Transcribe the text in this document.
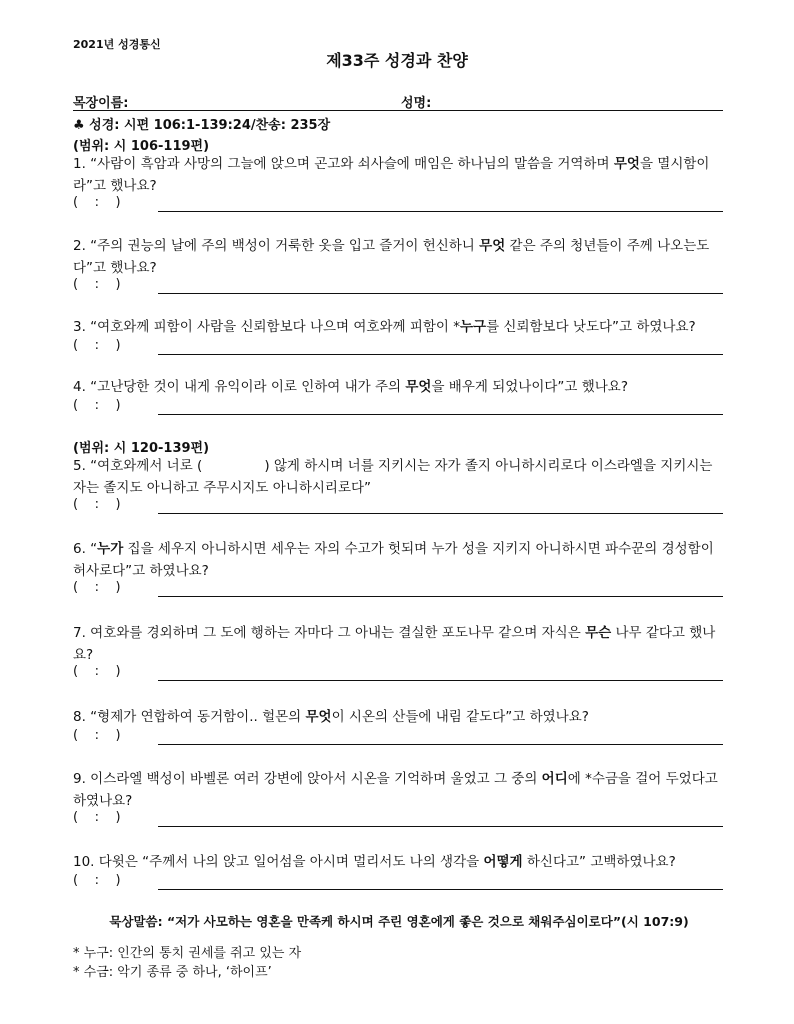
2021년 성경통신
제33주 성경과 찬양
목장이름:	성명:
♣ 성경: 시편 106:1-139:24/찬송: 235장
(범위: 시 106-119편)
1. “사람이 흑암과 사망의 그늘에 앉으며 곤고와 쇠사슬에 매임은 하나님의 말씀을 거역하며 무엇을 멸시함이라”고 했나요?
(    :    )
2. “주의 권능의 날에 주의 백성이 거룩한 옷을 입고 즐거이 헌신하니 무엇 같은 주의 청년들이 주께 나오는도다”고 했나요?
(    :    )
3. “여호와께 피함이 사람을 신뢰함보다 나으며 여호와께 피함이 *누구를 신뢰함보다 낫도다”고 하였나요?
(    :    )
4. “고난당한 것이 내게 유익이라 이로 인하여 내가 주의 무엇을 배우게 되었나이다”고 했나요?
(    :    )
(범위: 시 120-139편)
5. “여호와께서 너로 (	) 않게 하시며 너를 지키시는 자가 졸지 아니하시리로다 이스라엘을 지키시는 자는 졸지도 아니하고 주무시지도 아니하시리로다”
(    :    )
6. “누가 집을 세우지 아니하시면 세우는 자의 수고가 헛되며 누가 성을 지키지 아니하시면 파수꾼의 경성함이 허사로다”고 하였나요?
(    :    )
7. 여호와를 경외하며 그 도에 행하는 자마다 그 아내는 결실한 포도나무 같으며 자식은 무슨 나무 같다고 했나요?
(    :    )
8. “형제가 연합하여 동거함이.. 헐몬의 무엇이 시온의 산들에 내림 같도다”고 하였나요?
(    :    )
9. 이스라엘 백성이 바벨론 여러 강변에 앉아서 시온을 기억하며 울었고 그 중의 어디에 *수금을 걸어 두었다고 하였나요?
(    :    )
10. 다윗은 “주께서 나의 앉고 일어섬을 아시며 멀리서도 나의 생각을 어떻게 하신다고” 고백하였나요?
(    :    )
묵상말씀: “저가 사모하는 영혼을 만족케 하시며 주린 영혼에게 좋은 것으로 채워주심이로다”(시 107:9)
* 누구: 인간의 통치 권세를 쥐고 있는 자
* 수금: 악기 종류 중 하나, ‘하이프’
